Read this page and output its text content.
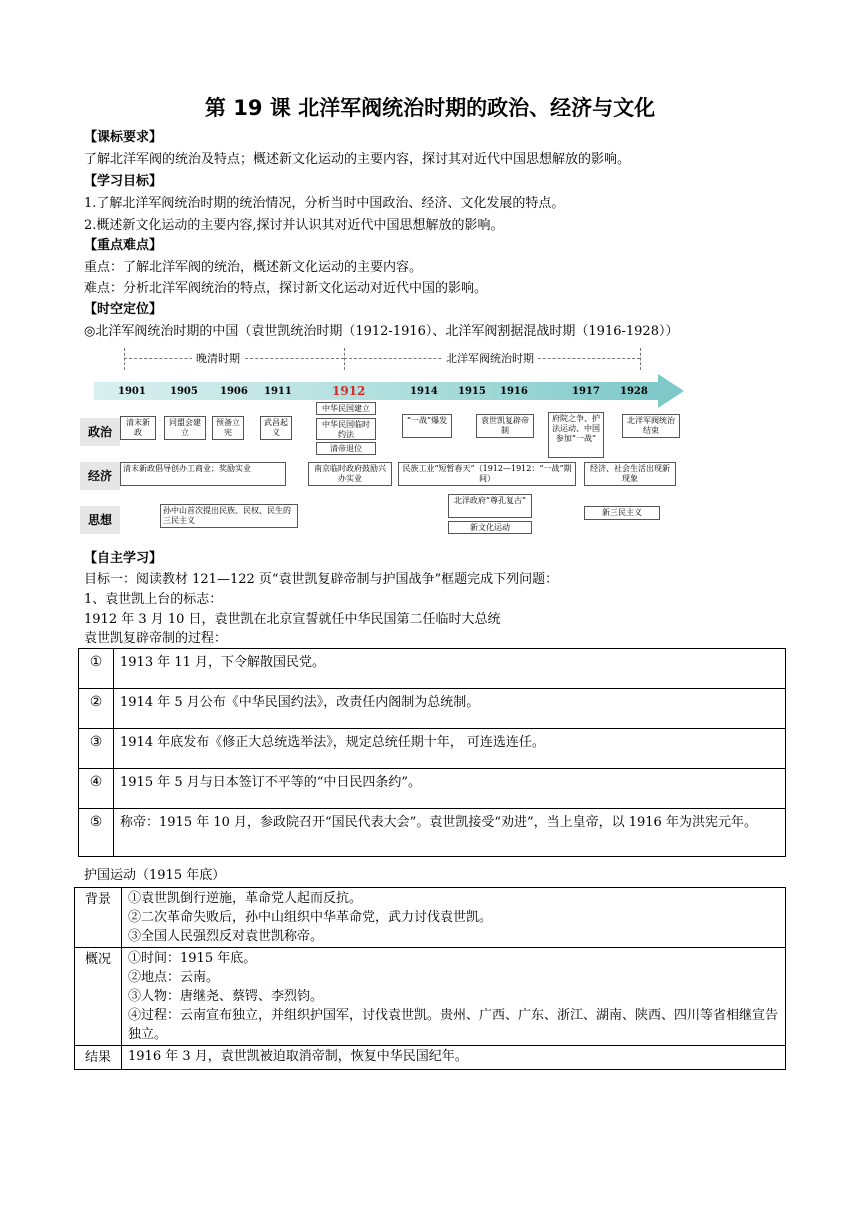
第 19 课 北洋军阀统治时期的政治、经济与文化
【课标要求】
了解北洋军阀的统治及特点；概述新文化运动的主要内容，探讨其对近代中国思想解放的影响。
【学习目标】
1.了解北洋军阀统治时期的统治情况，分析当时中国政治、经济、文化发展的特点。
2.概述新文化运动的主要内容,探讨并认识其对近代中国思想解放的影响。
【重点难点】
重点：了解北洋军阀的统治，概述新文化运动的主要内容。
难点：分析北洋军阀统治的特点，探讨新文化运动对近代中国的影响。
【时空定位】
◎北洋军阀统治时期的中国（袁世凯统治时期（1912-1916）、北洋军阀割据混战时期（1916-1928））
晚清时期	北洋军阀统治时期
1901 1905 1906 1911	1912	1914 1915 1916	1917 1928
政治
经济
思想
清末新政
同盟会建立
预备立宪
武昌起义
中华民国建立
中华民国临时约法
清帝退位
“一战”爆发	袁世凯复辟帝制
府院之争、护法运动、中国参加“一战”
北洋军阀统治结束
清末新政倡导创办工商业；奖励实业	南京临时政府鼓励兴办实业
民族工业“短暂春天”（1912—1912：“一战”期间）
经济、社会生活出现新现象
孙中山首次提出民族、民权、民生的三民主义
北洋政府“尊孔复古”
新文化运动
新三民主义
【自主学习】
目标一：阅读教材 121—122 页“袁世凯复辟帝制与护国战争”框题完成下列问题：
1、袁世凯上台的标志：
1912 年 3 月 10 日，袁世凯在北京宣誓就任中华民国第二任临时大总统
袁世凯复辟帝制的过程：
①	1913 年 11 月，下令解散国民党。
②	1914 年 5 月公布《中华民国约法》，改责任内阁制为总统制。
③	1914 年底发布《修正大总统选举法》，规定总统任期十年， 可连选连任。
④	1915 年 5 月与日本签订不平等的“中日民四条约”。
⑤	称帝：1915 年 10 月，参政院召开“国民代表大会”。袁世凯接受“劝进”，当上皇帝，以 1916 年为洪宪元年。
护国运动（1915 年底）
背景	①袁世凯倒行逆施，革命党人起而反抗。
②二次革命失败后，孙中山组织中华革命党，武力讨伐袁世凯。
③全国人民强烈反对袁世凯称帝。

概况	①时间：1915 年底。
②地点：云南。
③人物：唐继尧、蔡锷、李烈钧。
④过程：云南宣布独立，并组织护国军，讨伐袁世凯。贵州、广西、广东、浙江、湖南、陕西、四川等省相继宣告独立。

结果	1916 年 3 月，袁世凯被迫取消帝制，恢复中华民国纪年。
